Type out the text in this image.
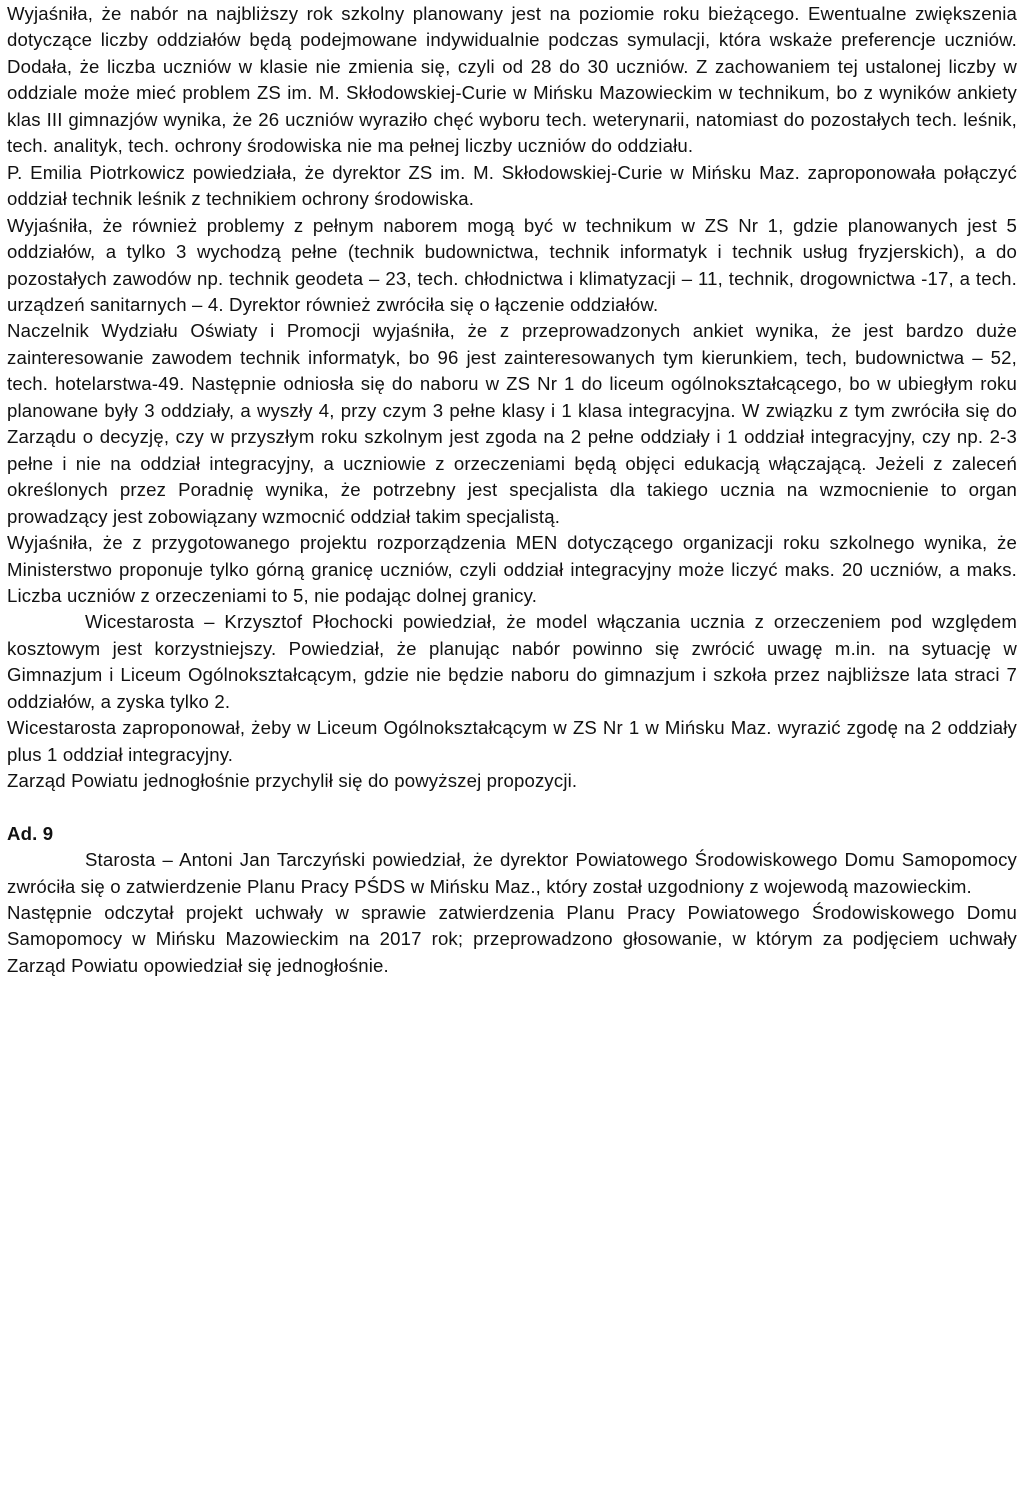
Wyjaśniła, że nabór na najbliższy rok szkolny planowany jest na poziomie roku bieżącego. Ewentualne zwiększenia dotyczące liczby oddziałów będą podejmowane indywidualnie podczas symulacji, która wskaże preferencje uczniów. Dodała, że liczba uczniów w klasie nie zmienia się, czyli od 28 do 30 uczniów. Z zachowaniem tej ustalonej liczby w oddziale może mieć problem ZS im. M. Skłodowskiej-Curie w Mińsku Mazowieckim w technikum, bo z wyników ankiety klas III gimnazjów wynika, że 26 uczniów wyraziło chęć wyboru tech. weterynarii, natomiast do pozostałych tech. leśnik, tech. analityk, tech. ochrony środowiska nie ma pełnej liczby uczniów do oddziału.

P. Emilia Piotrkowicz powiedziała, że dyrektor ZS im. M. Skłodowskiej-Curie w Mińsku Maz. zaproponowała połączyć oddział technik leśnik z technikiem ochrony środowiska.

Wyjaśniła, że również problemy z pełnym naborem mogą być w technikum w ZS Nr 1, gdzie planowanych jest 5 oddziałów, a tylko 3 wychodzą pełne (technik budownictwa, technik informatyk i technik usług fryzjerskich), a do pozostałych zawodów np. technik geodeta – 23, tech. chłodnictwa i klimatyzacji – 11, technik, drogownictwa -17, a tech. urządzeń sanitarnych – 4. Dyrektor również zwróciła się o łączenie oddziałów.

Naczelnik Wydziału Oświaty i Promocji wyjaśniła, że z przeprowadzonych ankiet wynika, że jest bardzo duże zainteresowanie zawodem technik informatyk, bo 96 jest zainteresowanych tym kierunkiem, tech, budownictwa – 52, tech. hotelarstwa-49. Następnie odniosła się do naboru w ZS Nr 1 do liceum ogólnokształcącego, bo w ubiegłym roku planowane były 3 oddziały, a wyszły 4, przy czym 3 pełne klasy i 1 klasa integracyjna. W związku z tym zwróciła się do Zarządu o decyzję, czy w przyszłym roku szkolnym jest zgoda na 2 pełne oddziały i 1 oddział integracyjny, czy np. 2-3 pełne i nie na oddział integracyjny, a uczniowie z orzeczeniami będą objęci edukacją włączającą. Jeżeli z zaleceń określonych przez Poradnię wynika, że potrzebny jest specjalista dla takiego ucznia na wzmocnienie to organ prowadzący jest zobowiązany wzmocnić oddział takim specjalistą.

Wyjaśniła, że z przygotowanego projektu rozporządzenia MEN dotyczącego organizacji roku szkolnego wynika, że Ministerstwo proponuje tylko górną granicę uczniów, czyli oddział integracyjny może liczyć maks. 20 uczniów, a maks. Liczba uczniów z orzeczeniami to 5, nie podając dolnej granicy.

Wicestarosta – Krzysztof Płochocki powiedział, że model włączania ucznia z orzeczeniem pod względem kosztowym jest korzystniejszy. Powiedział, że planując nabór powinno się zwrócić uwagę m.in. na sytuację w Gimnazjum i Liceum Ogólnokształcącym, gdzie nie będzie naboru do gimnazjum i szkoła przez najbliższe lata straci 7 oddziałów, a zyska tylko 2.

Wicestarosta zaproponował, żeby w Liceum Ogólnokształcącym w ZS Nr 1 w Mińsku Maz. wyrazić zgodę na 2 oddziały plus 1 oddział integracyjny.

Zarząd Powiatu jednogłośnie przychylił się do powyższej propozycji.

Ad. 9

Starosta – Antoni Jan Tarczyński powiedział, że dyrektor Powiatowego Środowiskowego Domu Samopomocy zwróciła się o zatwierdzenie Planu Pracy PŚDS w Mińsku Maz., który został uzgodniony z wojewodą mazowieckim.

Następnie odczytał projekt uchwały w sprawie zatwierdzenia Planu Pracy Powiatowego Środowiskowego Domu Samopomocy w Mińsku Mazowieckim na 2017 rok; przeprowadzono głosowanie, w którym za podjęciem uchwały Zarząd Powiatu opowiedział się jednogłośnie.
